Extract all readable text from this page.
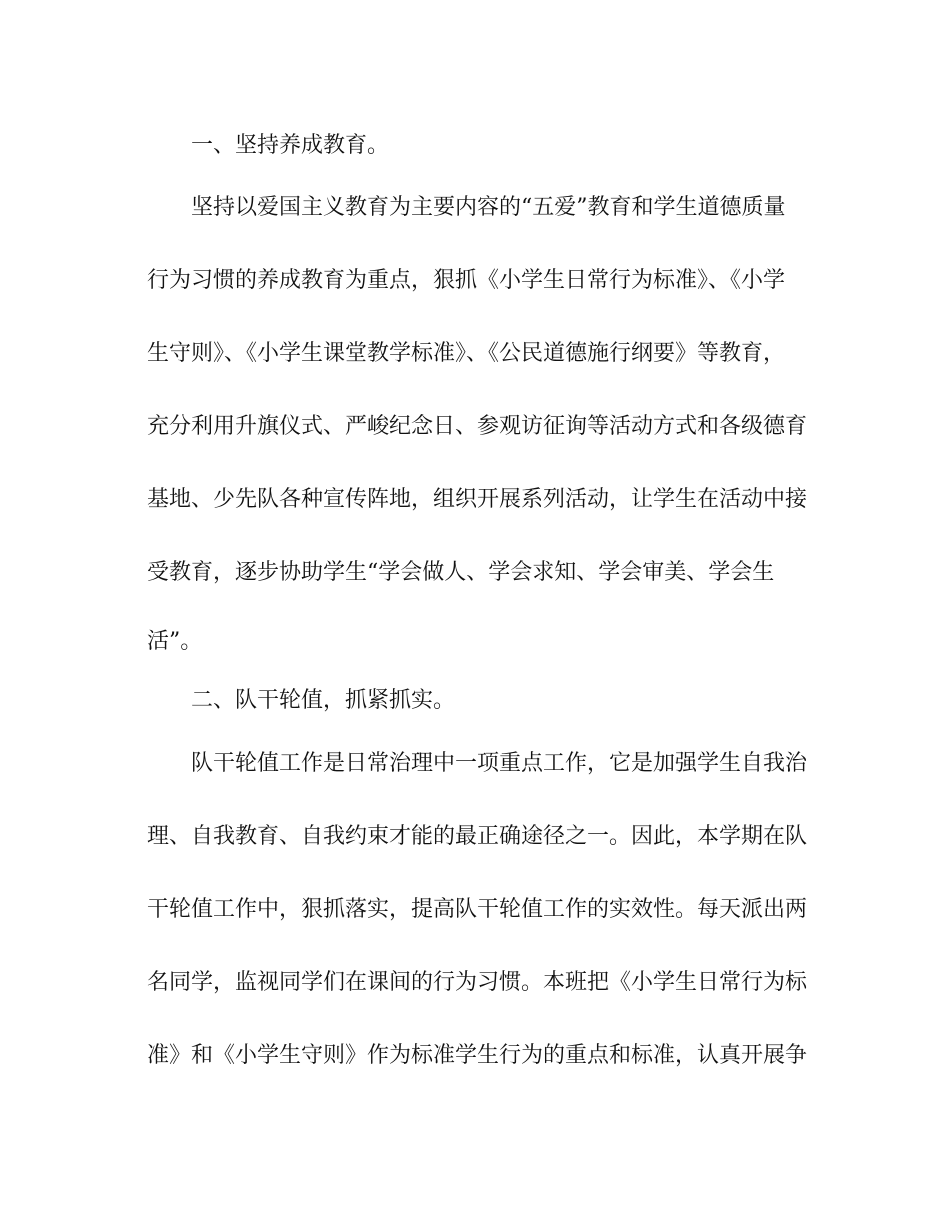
一、坚持养成教育。
坚持以爱国主义教育为主要内容的“五爱”教育和学生道德质量
行为习惯的养成教育为重点，狠抓《小学生日常行为标准》、《小学
生守则》、《小学生课堂教学标准》、《公民道德施行纲要》等教育，
充分利用升旗仪式、严峻纪念日、参观访征询等活动方式和各级德育
基地、少先队各种宣传阵地，组织开展系列活动，让学生在活动中接
受教育，逐步协助学生“学会做人、学会求知、学会审美、学会生
活”。
二、队干轮值，抓紧抓实。
队干轮值工作是日常治理中一项重点工作，它是加强学生自我治
理、自我教育、自我约束才能的最正确途径之一。因此，本学期在队
干轮值工作中，狠抓落实，提高队干轮值工作的实效性。每天派出两
名同学，监视同学们在课间的行为习惯。本班把《小学生日常行为标
准》和《小学生守则》作为标准学生行为的重点和标准，认真开展争
